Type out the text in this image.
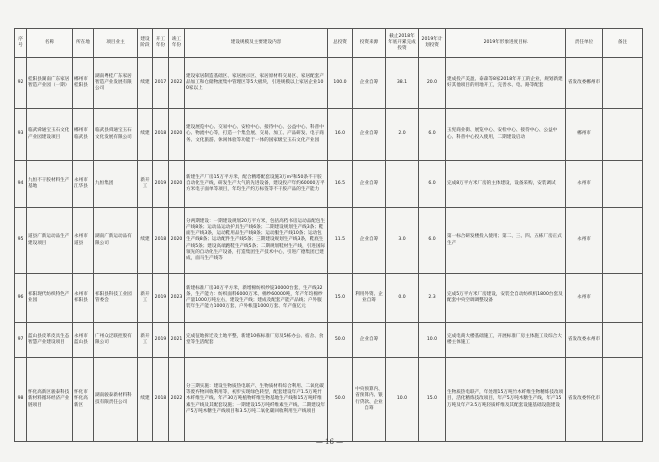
序号	名称	所在地	项目业主	建设阶段	开工年份	竣工年份	建设规模及主要建设内容	总投资	投资来源	截止2018年年底开累完成投资	2019年计划投资	2019年形象进度目标	责任单位	备注
92	桂阳县湖南广东家居智造产业园（一期）	郴州市桂阳县	湖南粤桂广东家居智造产业发展有限公司	续建	2017	2022	建设家居制造基础区、家居展示区、家居原材料交易区、家居配套产品加工和仓储物流集中管理区等5大板块，引进规模以上家居企业100家以上	100.0	企业自筹	38.1	20.0	建成投产美盈、泰森等8家2018年开工的企业，规划新建好其他项目的用地开工，完善水、电、路等配套	省发改委郴州市	
93	临武舜通宝玉石文化产业园建设项目	郴州市临武县	临武县舜通宝玉石文化发展有限公司	续建	2018	2020	建设展览中心、交易中心、安检中心、接待中心、公益中心、科普中心、物流中心等，打造一个集会展、交易、加工、产品研发、电子商务、文化旅游、休闲体验等功能于一体的国家级宝玉石文化产业园	16.0	企业自筹	2.0	6.0	玉宪商业街、展览中心、安检中心、接待中心、公益中心、科普中心投入使用，二期建设启动	郴州市	
94	九恒不干胶材料生产基地	永州市江华县	九恒集团	新开工	2019	2020	新建生产厂房15万平方米，配合精塔配套设施3万m²和50条不干胶自动化生产线，研发生产大气的先进设备，建设投产年约60000万平方米电子面单等项目，年均生产约万标签等不干胶产品的生产能力	16.5	企业自筹		6.0	完成8万平方米厂房的主体建设，设备采购，安装调试	永州市	
95	道县广新运动品生产建设项目	永州市道县	湖南广新运动品有限公司	续建	2018	2020	分两期建设：一期建设规划20万平方米，包括高档书房运动品配包生产线8条；运动品运动护具生产线6条；二期建设规划生产线3条；鞋面生产线3条，运动鞋用品生产线8条；运动服生产线10条；运动包生产线8条；运动配件生产线5条；三期建设规划生产线3条，鞋底生产线5条；建设高端跑鞋生产线5条；二期规划鞋材生产线，引进国际领先的自动化生产设备，打造集团生产技术中心，引进广德集团已建成，面马生产线等	11.5	企业自筹	3.0	6.0	第一标合研发楼投入使用；第二、三、四、五栋厂房正式生产	永州市	
96	祁阳现代纺织特色产业园	永州市祁阳县	祁阳县科技工业园管委会	新开工	2019	2023	新建标准厂房30万平方米，新增棉纺织纱锭30000台套，生产线32条，生产能力：纺织面料6000万米、棉纱60000吨，年产年均棉纱产量1000万吨左右，建设生产线；建成及配套产能产品线；户外服装年生产能力1000万套，户外帐篷1000万套、年产值亿元	15.0	利用外资、企业自筹	0.0	2.3	完成5万平方米厂房建设，安装全自动纺织机1800台套及配套中央空调调整设备	永州市	
97	蓝山县皮革皮具生态智慧产业建设项目	永州市蓝山县	广州众泛联控股有限公司	新开工	2019	2021	完成征地拆迁及土地平整，新建10栋标准厂房及5栋办公、宿舍、食堂等生活配套	50.0	企业自筹		10.0	完成电商大楼基础施工，开展标准厂房主体施工及综合大楼主体施工	省发改委永州市	
98	怀化高新区骏泰科技新材料循环经济产业链项目	怀化市怀化高新区	湖南骏泰新材料科技有限责任公司	续建	2018	2022	分三期实施：建设生物质热电联产、生物质材料综合利用、二氧化碳等废弃物回收利用等，初步实现绿色转型，配套建设年产1.5万吨竹木纤维生产线、年产30万吨植物纤维生物基地生产线和15万吨纤维素生产线及其配套设施；一期建设15万吨纤维素生产线、二期建设年产5万吨木糖生产线项目和3.5万吨二氧化碳回收利用生产线项目	50.0	中央预算内、省预算内、银行贷款、企业自筹	10.0	15.0	生物质热电联产，年处理15万吨竹木纤维生物精炼技改项目，活化精炼技改项目，年产5万吨木糖生产线，年产15万吨及年产3.5万吨轻质纤维及其配套设施基础设施建设	省发改委怀化市	
— 16 —
